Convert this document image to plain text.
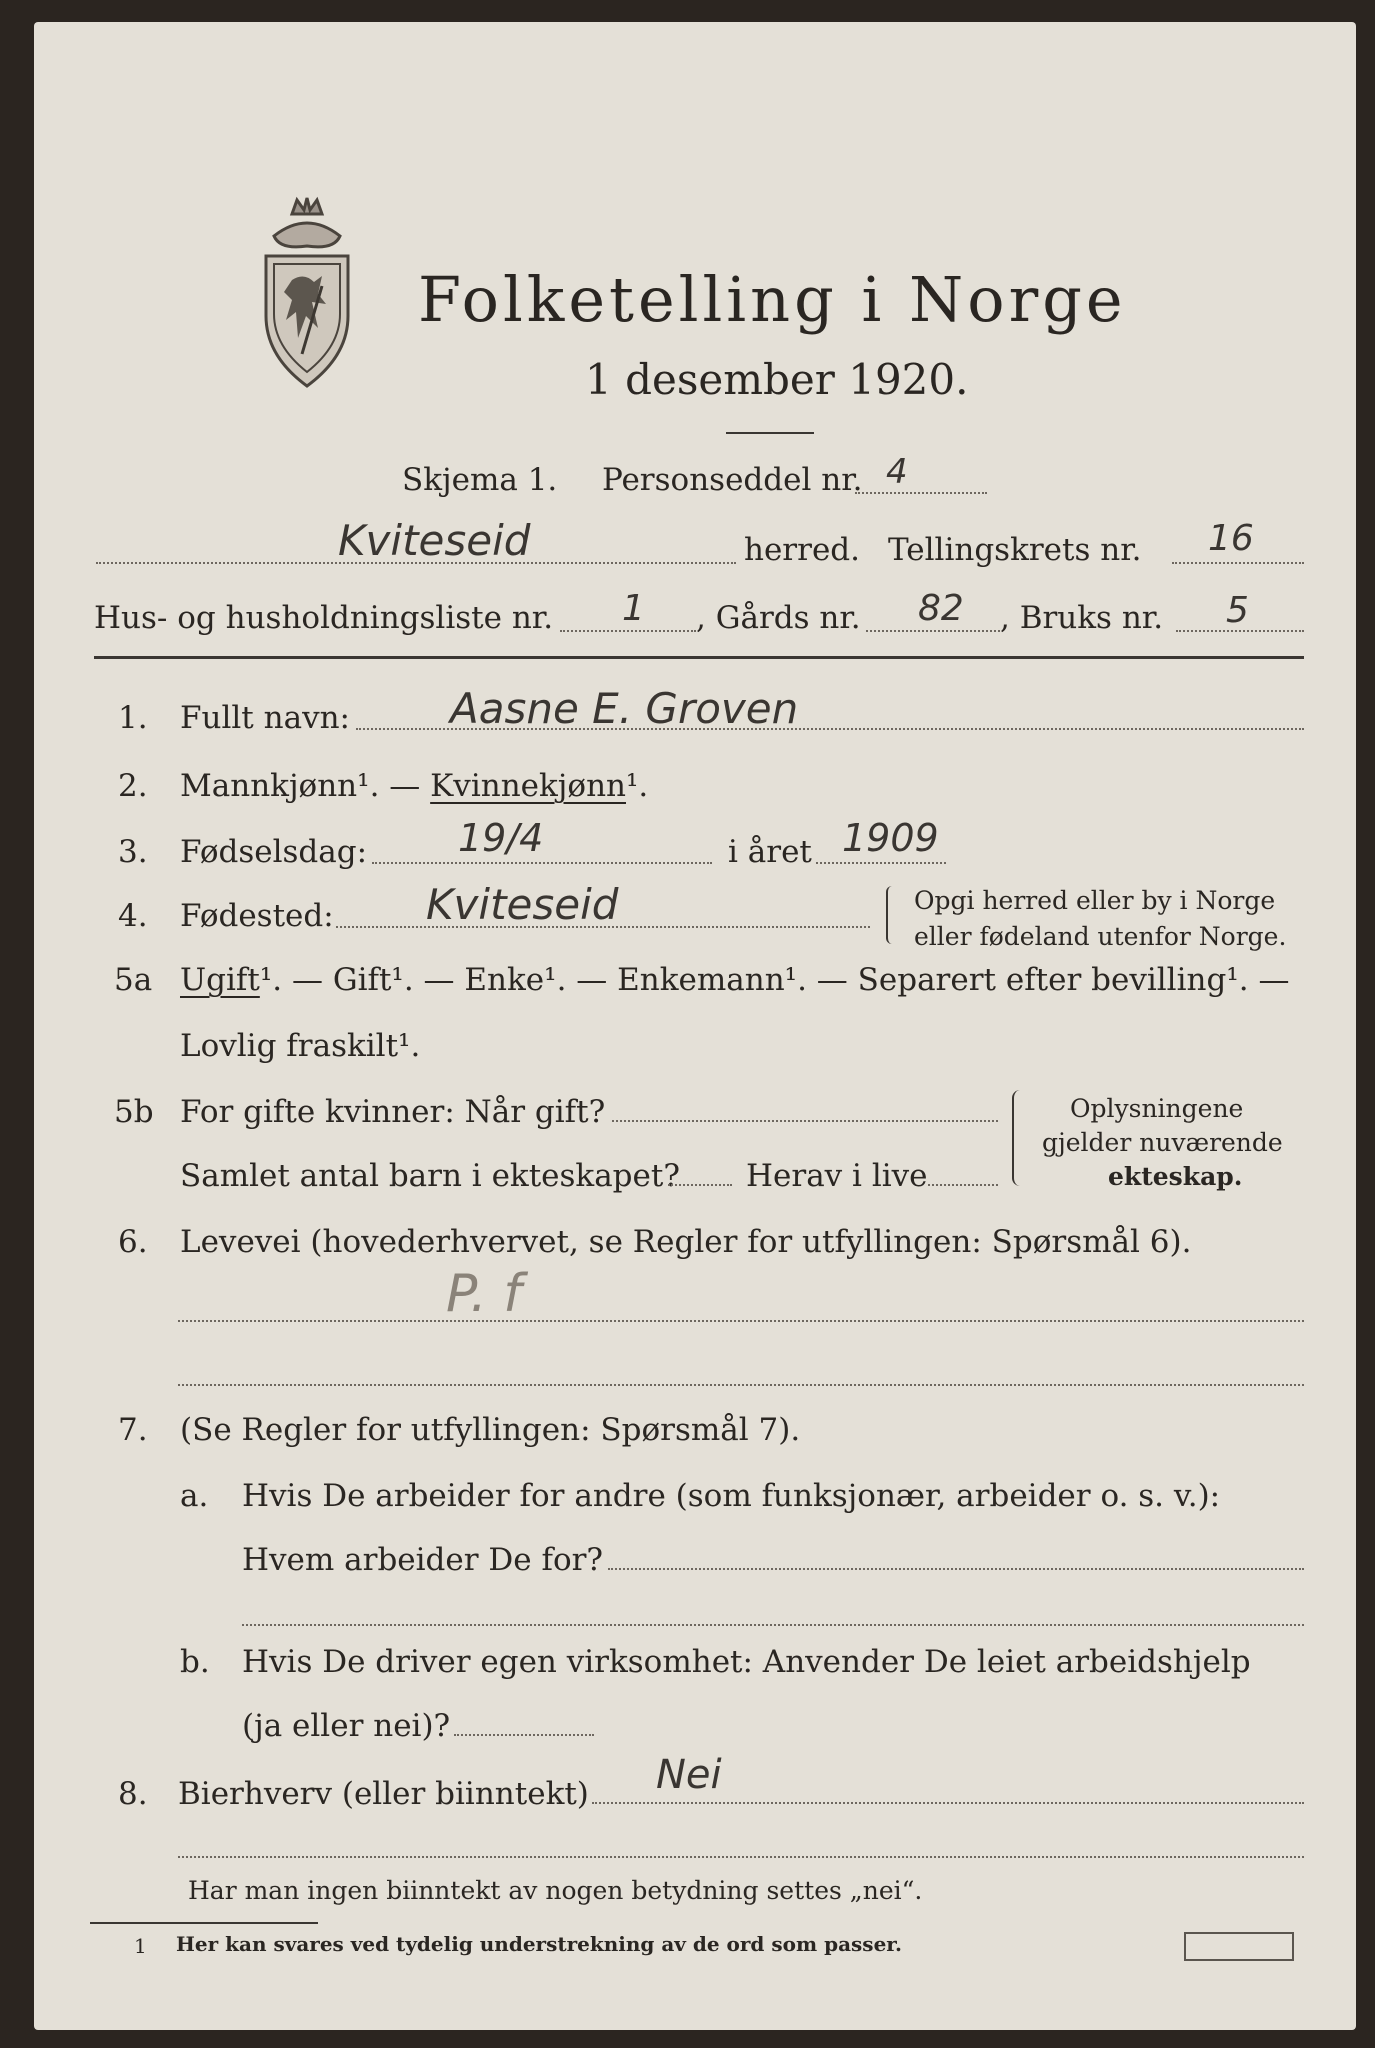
Folketelling i Norge
1 desember 1920.
Skjema 1. Personseddel nr. 4
Kviteseid	herred. Tellingskrets nr. 16
Hus- og husholdningsliste nr. 1 , Gårds nr. 82 , Bruks nr. 5
1. Fullt navn: Aasne E. Groven
2. Mannkjønn¹. — Kvinnekjønn¹.
3. Fødselsdag: 19/4	i året 1909
4. Fødested: Kviteseid	Opgi herred eller by i Norge
eller fødeland utenfor Norge.
5a Ugift¹. — Gift¹. — Enke¹. — Enkemann¹. — Separert efter bevilling¹. —
Lovlig fraskilt¹.
5b For gifte kvinner: Når gift?
Samlet antal barn i ekteskapet? Herav i live
Oplysningene
gjelder nuværende
ekteskap.
6. Levevei (hovederhvervet, se Regler for utfyllingen: Spørsmål 6).
P. f
7. (Se Regler for utfyllingen: Spørsmål 7).
a. Hvis De arbeider for andre (som funksjonær, arbeider o. s. v.):
Hvem arbeider De for?
b. Hvis De driver egen virksomhet: Anvender De leiet arbeidshjelp
(ja eller nei)?
8. Bierhverv (eller biinntekt) Nei
Har man ingen biinntekt av nogen betydning settes „nei“.
1 Her kan svares ved tydelig understrekning av de ord som passer.
